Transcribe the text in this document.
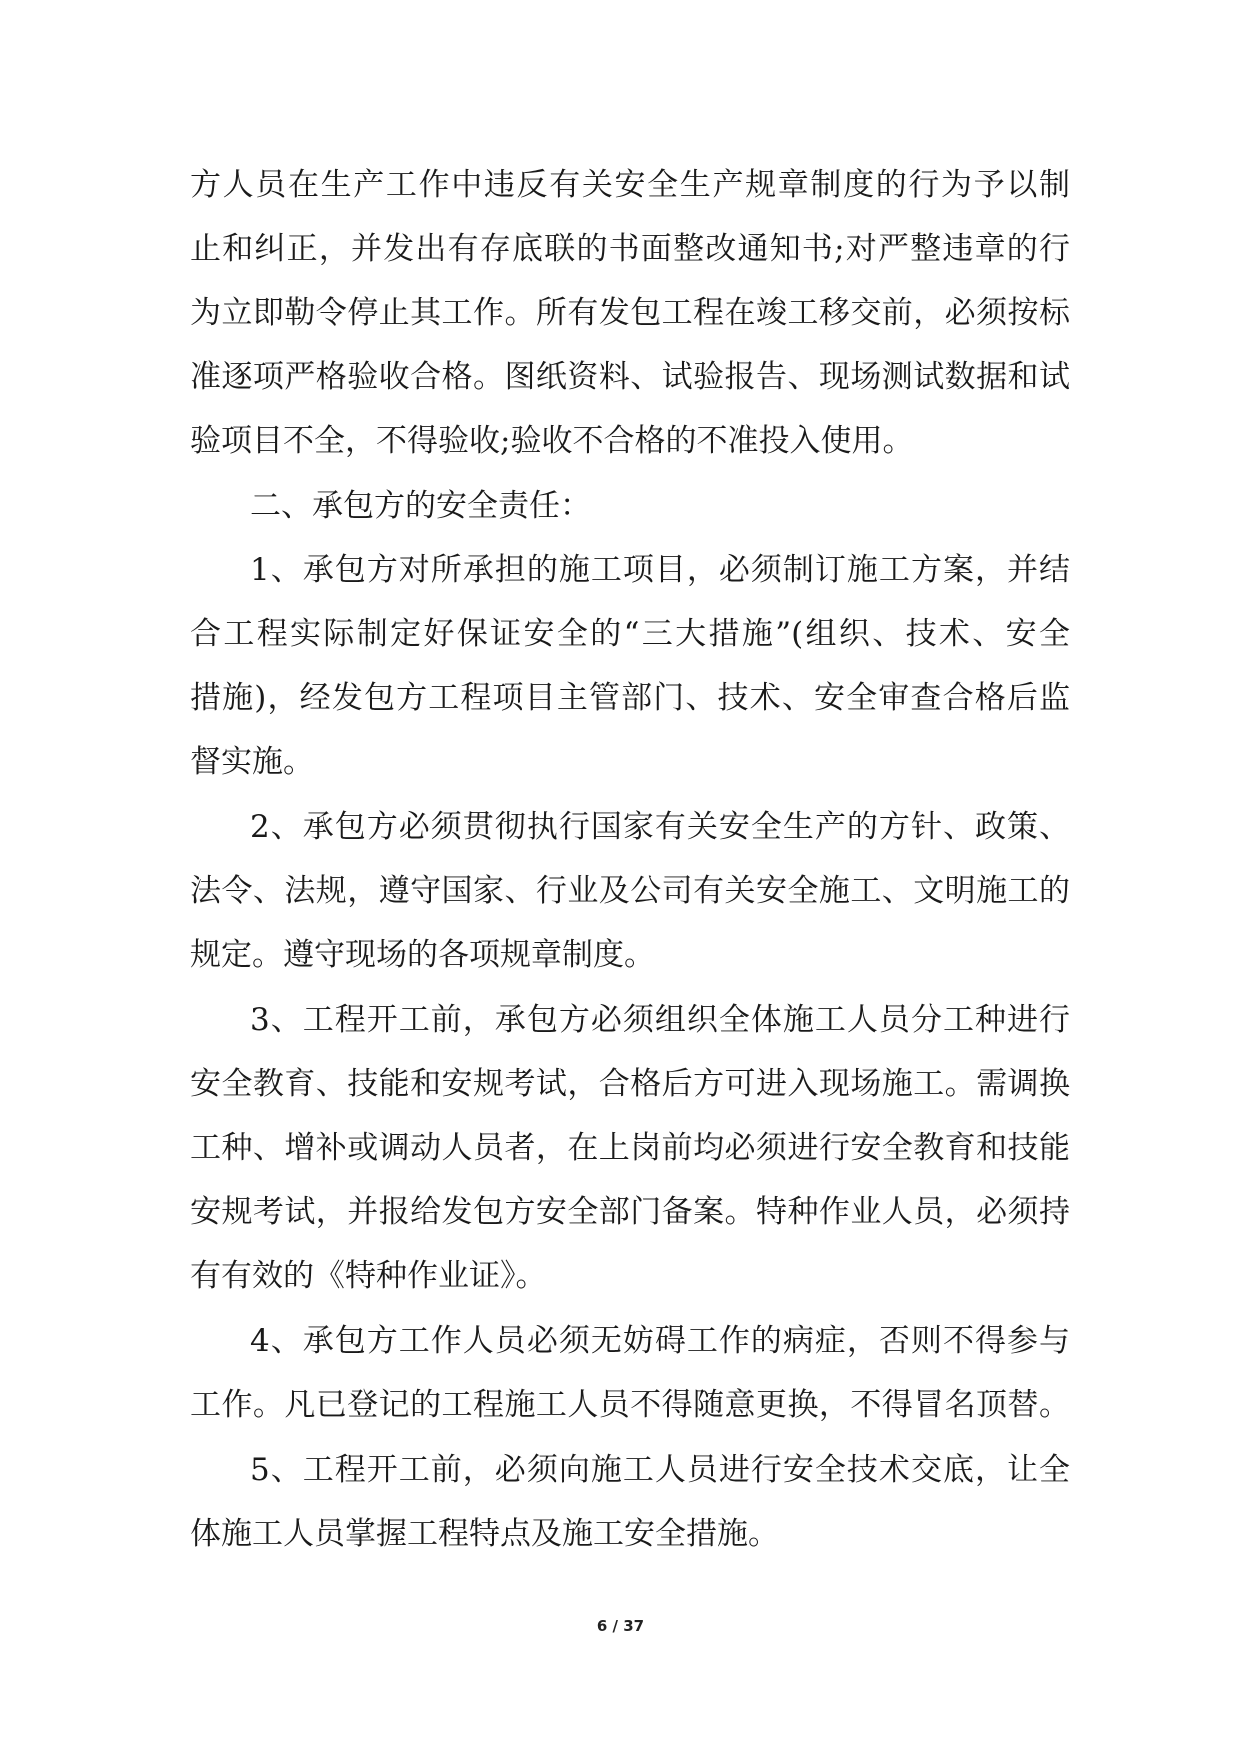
方人员在生产工作中违反有关安全生产规章制度的行为予以制
止和纠正，并发出有存底联的书面整改通知书;对严整违章的行
为立即勒令停止其工作。所有发包工程在竣工移交前，必须按标
准逐项严格验收合格。图纸资料、试验报告、现场测试数据和试
验项目不全，不得验收;验收不合格的不准投入使用。
二、承包方的安全责任：
1、承包方对所承担的施工项目，必须制订施工方案，并结
合工程实际制定好保证安全的“三大措施”(组织、技术、安全
措施)，经发包方工程项目主管部门、技术、安全审查合格后监
督实施。
2、承包方必须贯彻执行国家有关安全生产的方针、政策、
法令、法规，遵守国家、行业及公司有关安全施工、文明施工的
规定。遵守现场的各项规章制度。
3、工程开工前，承包方必须组织全体施工人员分工种进行
安全教育、技能和安规考试，合格后方可进入现场施工。需调换
工种、增补或调动人员者，在上岗前均必须进行安全教育和技能
安规考试，并报给发包方安全部门备案。特种作业人员，必须持
有有效的《特种作业证》。
4、承包方工作人员必须无妨碍工作的病症，否则不得参与
工作。凡已登记的工程施工人员不得随意更换，不得冒名顶替。
5、工程开工前，必须向施工人员进行安全技术交底，让全
体施工人员掌握工程特点及施工安全措施。
6 / 37
